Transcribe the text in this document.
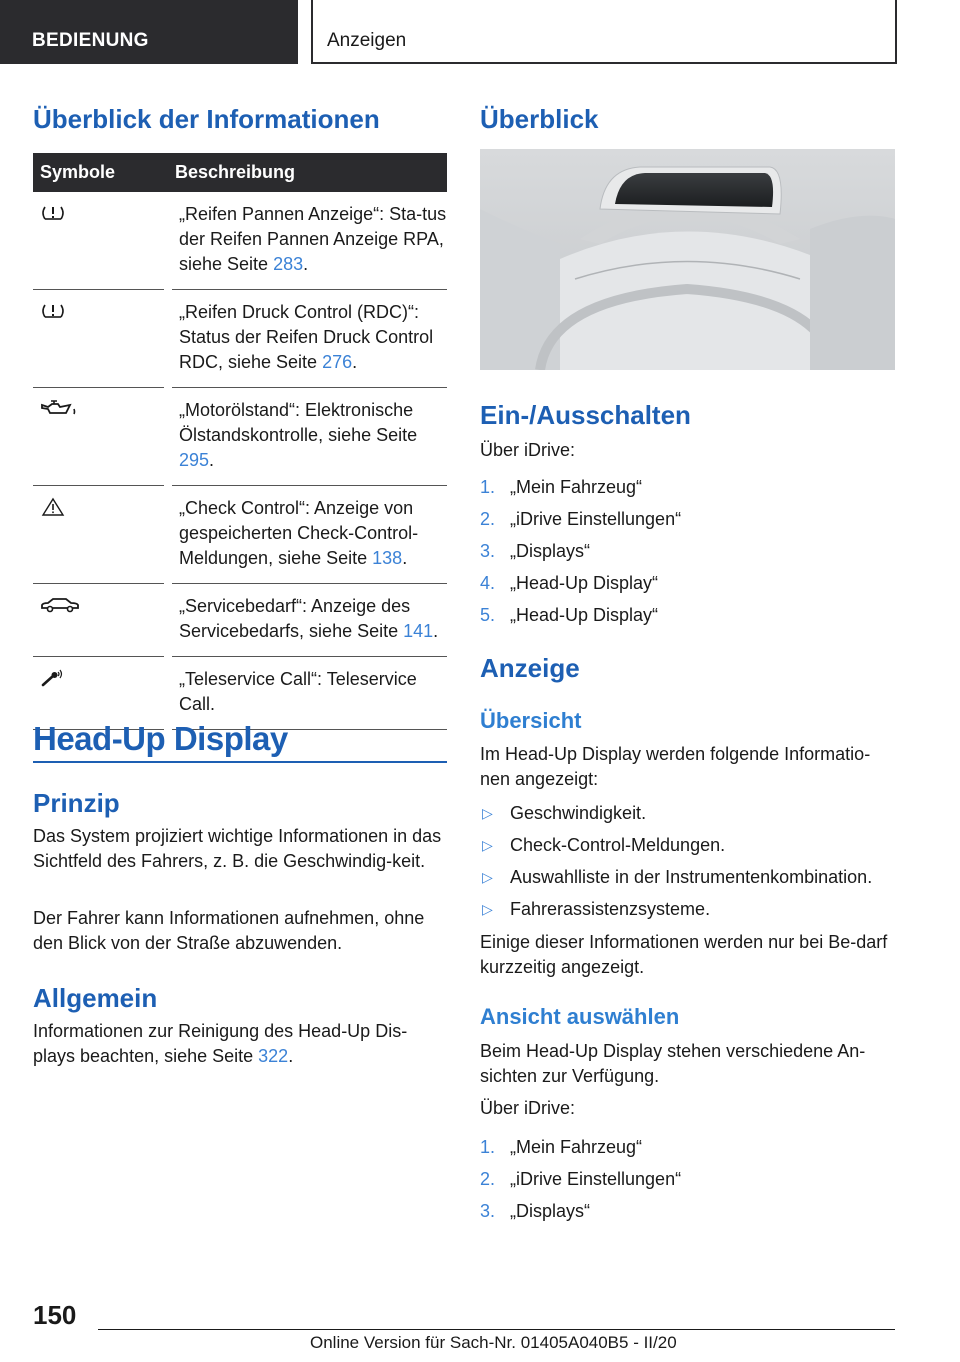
BEDIENUNG	Anzeigen
Überblick der Informationen
Symbole	Beschreibung
	„Reifen Pannen Anzeige“: Sta-tus der Reifen Pannen Anzeige RPA, siehe Seite 283.
	„Reifen Druck Control (RDC)“: Status der Reifen Druck Control RDC, siehe Seite 276.
	„Motorölstand“: Elektronische Ölstandskontrolle, siehe Seite 295.
	„Check Control“: Anzeige von gespeicherten Check-Control-Meldungen, siehe Seite 138.
	„Servicebedarf“: Anzeige des Servicebedarfs, siehe Seite 141.
	„Teleservice Call“: Teleservice Call.
Head-Up Display
Prinzip

Das System projiziert wichtige Informationen in das Sichtfeld des Fahrers, z. B. die Geschwindig-keit.

Der Fahrer kann Informationen aufnehmen, ohne den Blick von der Straße abzuwenden.

Allgemein

Informationen zur Reinigung des Head-Up Dis-plays beachten, siehe Seite 322.

Überblick
Ein-/Ausschalten

Über iDrive:

1. „Mein Fahrzeug“
2. „iDrive Einstellungen“
3. „Displays“
4. „Head-Up Display“
5. „Head-Up Display“
Anzeige
Übersicht

Im Head-Up Display werden folgende Informatio-nen angezeigt:

▷ Geschwindigkeit.
▷ Check-Control-Meldungen.
▷ Auswahlliste in der Instrumentenkombination.
▷ Fahrerassistenzsysteme.

Einige dieser Informationen werden nur bei Be-darf kurzzeitig angezeigt.

Ansicht auswählen

Beim Head-Up Display stehen verschiedene An-sichten zur Verfügung.

Über iDrive:

1. „Mein Fahrzeug“
2. „iDrive Einstellungen“
3. „Displays“
150
Online Version für Sach-Nr. 01405A040B5 - II/20
